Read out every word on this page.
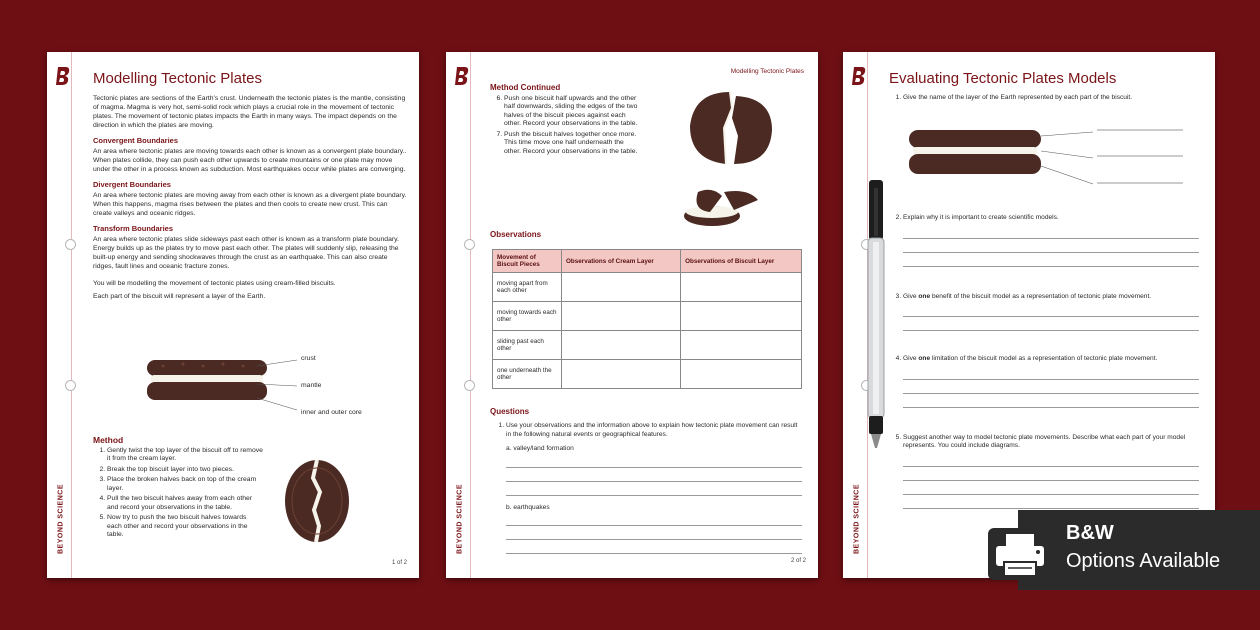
BEYOND SCIENCE
Modelling Tectonic Plates

Tectonic plates are sections of the Earth's crust. Underneath the tectonic plates is the mantle, consisting of magma. Magma is very hot, semi-solid rock which plays a crucial role in the movement of tectonic plates. The movement of tectonic plates impacts the Earth in many ways. The impact depends on the direction in which the plates are moving.

Convergent Boundaries

An area where tectonic plates are moving towards each other is known as a convergent plate boundary.. When plates collide, they can push each other upwards to create mountains or one plate may move under the other in a process known as subduction. Most earthquakes occur while plates are converging.

Divergent Boundaries

An area where tectonic plates are moving away from each other is known as a divergent plate boundary. When this happens, magma rises between the plates and then cools to create new crust. This can create valleys and oceanic ridges.

Transform Boundaries

An area where tectonic plates slide sideways past each other is known as a transform plate boundary. Energy builds up as the plates try to move past each other. The plates will suddenly slip, releasing the built-up energy and sending shockwaves through the crust as an earthquake. This can also create ridges, fault lines and oceanic fracture zones.

You will be modelling the movement of tectonic plates using cream-filled biscuits.

Each part of the biscuit will represent a layer of the Earth.

crust
mantle
inner and outer core
Method
1. Gently twist the top layer of the biscuit off to remove it from the cream layer.
2. Break the top biscuit layer into two pieces.
3. Place the broken halves back on top of the cream layer.
4. Pull the two biscuit halves away from each other and record your observations in the table.
5. Now try to push the two biscuit halves towards each other and record your observations in the table.
1 of 2
BEYOND SCIENCE
Modelling Tectonic Plates
Method Continued
6. Push one biscuit half upwards and the other half downwards, sliding the edges of the two halves of the biscuit pieces against each other. Record your observations in the table.
7. Push the biscuit halves together once more. This time move one half underneath the other. Record your observations in the table.
Observations
Movement of Biscuit Pieces	Observations of Cream Layer	Observations of Biscuit Layer
moving apart from each other		
moving towards each other		
sliding past each other		
one underneath the other		
Questions
1. Use your observations and the information above to explain how tectonic plate movement can result in the following natural events or geographical features.
a. valley/land formation
b. earthquakes
2 of 2
BEYOND SCIENCE
Evaluating Tectonic Plates Models
1. Give the name of the layer of the Earth represented by each part of the biscuit.
2. Explain why it is important to create scientific models.
3. Give one benefit of the biscuit model as a representation of tectonic plate movement.
4. Give one limitation of the biscuit model as a representation of tectonic plate movement.
5. Suggest another way to model tectonic plate movements. Describe what each part of your model represents. You could include diagrams.
B&W
Options Available
